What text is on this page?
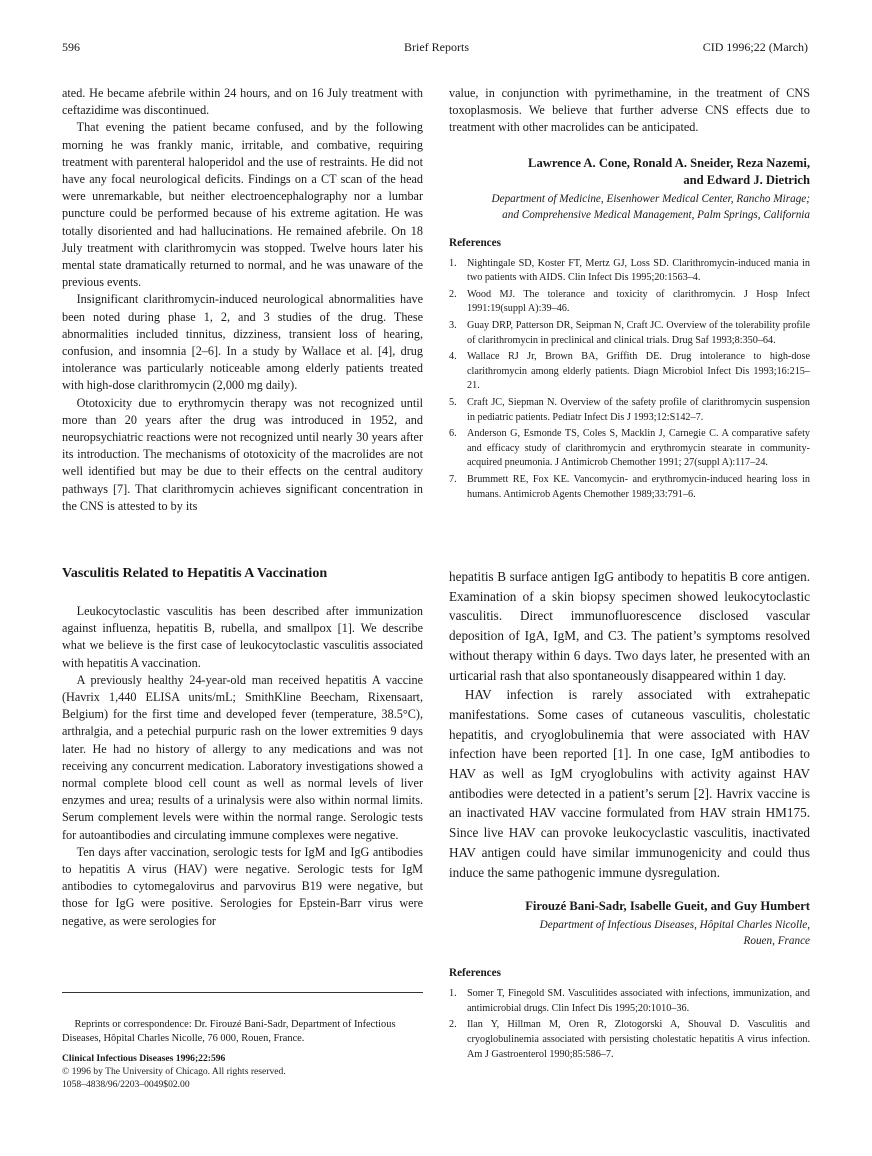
596	Brief Reports	CID 1996;22 (March)

ated. He became afebrile within 24 hours, and on 16 July treatment with ceftazidime was discontinued.

That evening the patient became confused, and by the following morning he was frankly manic, irritable, and combative, requiring treatment with parenteral haloperidol and the use of restraints. He did not have any focal neurological deficits. Findings on a CT scan of the head were unremarkable, but neither electroencephalography nor a lumbar puncture could be performed because of his extreme agitation. He was totally disoriented and had hallucinations. He remained afebrile. On 18 July treatment with clarithromycin was stopped. Twelve hours later his mental state dramatically returned to normal, and he was unaware of the previous events.

Insignificant clarithromycin-induced neurological abnormalities have been noted during phase 1, 2, and 3 studies of the drug. These abnormalities included tinnitus, dizziness, transient loss of hearing, confusion, and insomnia [2–6]. In a study by Wallace et al. [4], drug intolerance was particularly noticeable among elderly patients treated with high-dose clarithromycin (2,000 mg daily).

Ototoxicity due to erythromycin therapy was not recognized until more than 20 years after the drug was introduced in 1952, and neuropsychiatric reactions were not recognized until nearly 30 years after its introduction. The mechanisms of ototoxicity of the macrolides are not well identified but may be due to their effects on the central auditory pathways [7]. That clarithromycin achieves significant concentration in the CNS is attested to by its

value, in conjunction with pyrimethamine, in the treatment of CNS toxoplasmosis. We believe that further adverse CNS effects due to treatment with other macrolides can be anticipated.

Lawrence A. Cone, Ronald A. Sneider, Reza Nazemi,
and Edward J. Dietrich
Department of Medicine, Eisenhower Medical Center, Rancho Mirage;
and Comprehensive Medical Management, Palm Springs, California
References
1. Nightingale SD, Koster FT, Mertz GJ, Loss SD. Clarithromycin-induced mania in two patients with AIDS. Clin Infect Dis 1995;20:1563–4.
2. Wood MJ. The tolerance and toxicity of clarithromycin. J Hosp Infect 1991:19(suppl A):39–46.
3. Guay DRP, Patterson DR, Seipman N, Craft JC. Overview of the tolerability profile of clarithromycin in preclinical and clinical trials. Drug Saf 1993;8:350–64.
4. Wallace RJ Jr, Brown BA, Griffith DE. Drug intolerance to high-dose clarithromycin among elderly patients. Diagn Microbiol Infect Dis 1993;16:215–21.
5. Craft JC, Siepman N. Overview of the safety profile of clarithromycin suspension in pediatric patients. Pediatr Infect Dis J 1993;12:S142–7.
6. Anderson G, Esmonde TS, Coles S, Macklin J, Carnegie C. A comparative safety and efficacy study of clarithromycin and erythromycin stearate in community-acquired pneumonia. J Antimicrob Chemother 1991; 27(suppl A):117–24.
7. Brummett RE, Fox KE. Vancomycin- and erythromycin-induced hearing loss in humans. Antimicrob Agents Chemother 1989;33:791–6.
Vasculitis Related to Hepatitis A Vaccination

Leukocytoclastic vasculitis has been described after immunization against influenza, hepatitis B, rubella, and smallpox [1]. We describe what we believe is the first case of leukocytoclastic vasculitis associated with hepatitis A vaccination.

A previously healthy 24-year-old man received hepatitis A vaccine (Havrix 1,440 ELISA units/mL; SmithKline Beecham, Rixensaart, Belgium) for the first time and developed fever (temperature, 38.5°C), arthralgia, and a petechial purpuric rash on the lower extremities 9 days later. He had no history of allergy to any medications and was not receiving any concurrent medication. Laboratory investigations showed a normal complete blood cell count as well as normal levels of liver enzymes and urea; results of a urinalysis were also within normal limits. Serum complement levels were within the normal range. Serologic tests for autoantibodies and circulating immune complexes were negative.

Ten days after vaccination, serologic tests for IgM and IgG antibodies to hepatitis A virus (HAV) were negative. Serologic tests for IgM antibodies to cytomegalovirus and parvovirus B19 were negative, but those for IgG were positive. Serologies for Epstein-Barr virus were negative, as were serologies for

hepatitis B surface antigen IgG antibody to hepatitis B core antigen. Examination of a skin biopsy specimen showed leukocytoclastic vasculitis. Direct immunofluorescence disclosed vascular deposition of IgA, IgM, and C3. The patient’s symptoms resolved without therapy within 6 days. Two days later, he presented with an urticarial rash that also spontaneously disappeared within 1 day.

HAV infection is rarely associated with extrahepatic manifestations. Some cases of cutaneous vasculitis, cholestatic hepatitis, and cryoglobulinemia that were associated with HAV infection have been reported [1]. In one case, IgM antibodies to HAV as well as IgM cryoglobulins with activity against HAV antibodies were detected in a patient’s serum [2]. Havrix vaccine is an inactivated HAV vaccine formulated from HAV strain HM175. Since live HAV can provoke leukocyclastic vasculitis, inactivated HAV antigen could have similar immunogenicity and could thus induce the same pathogenic immune dysregulation.

Firouzé Bani-Sadr, Isabelle Gueit, and Guy Humbert
Department of Infectious Diseases, Hôpital Charles Nicolle,
Rouen, France
References
1. Somer T, Finegold SM. Vasculitides associated with infections, immunization, and antimicrobial drugs. Clin Infect Dis 1995;20:1010–36.
2. Ilan Y, Hillman M, Oren R, Zlotogorski A, Shouval D. Vasculitis and cryoglobulinemia associated with persisting cholestatic hepatitis A virus infection. Am J Gastroenterol 1990;85:586–7.

Reprints or correspondence: Dr. Firouzé Bani-Sadr, Department of Infectious Diseases, Hôpital Charles Nicolle, 76 000, Rouen, France.

Clinical Infectious Diseases 1996;22:596

© 1996 by The University of Chicago. All rights reserved.

1058–4838/96/2203–0049$02.00
